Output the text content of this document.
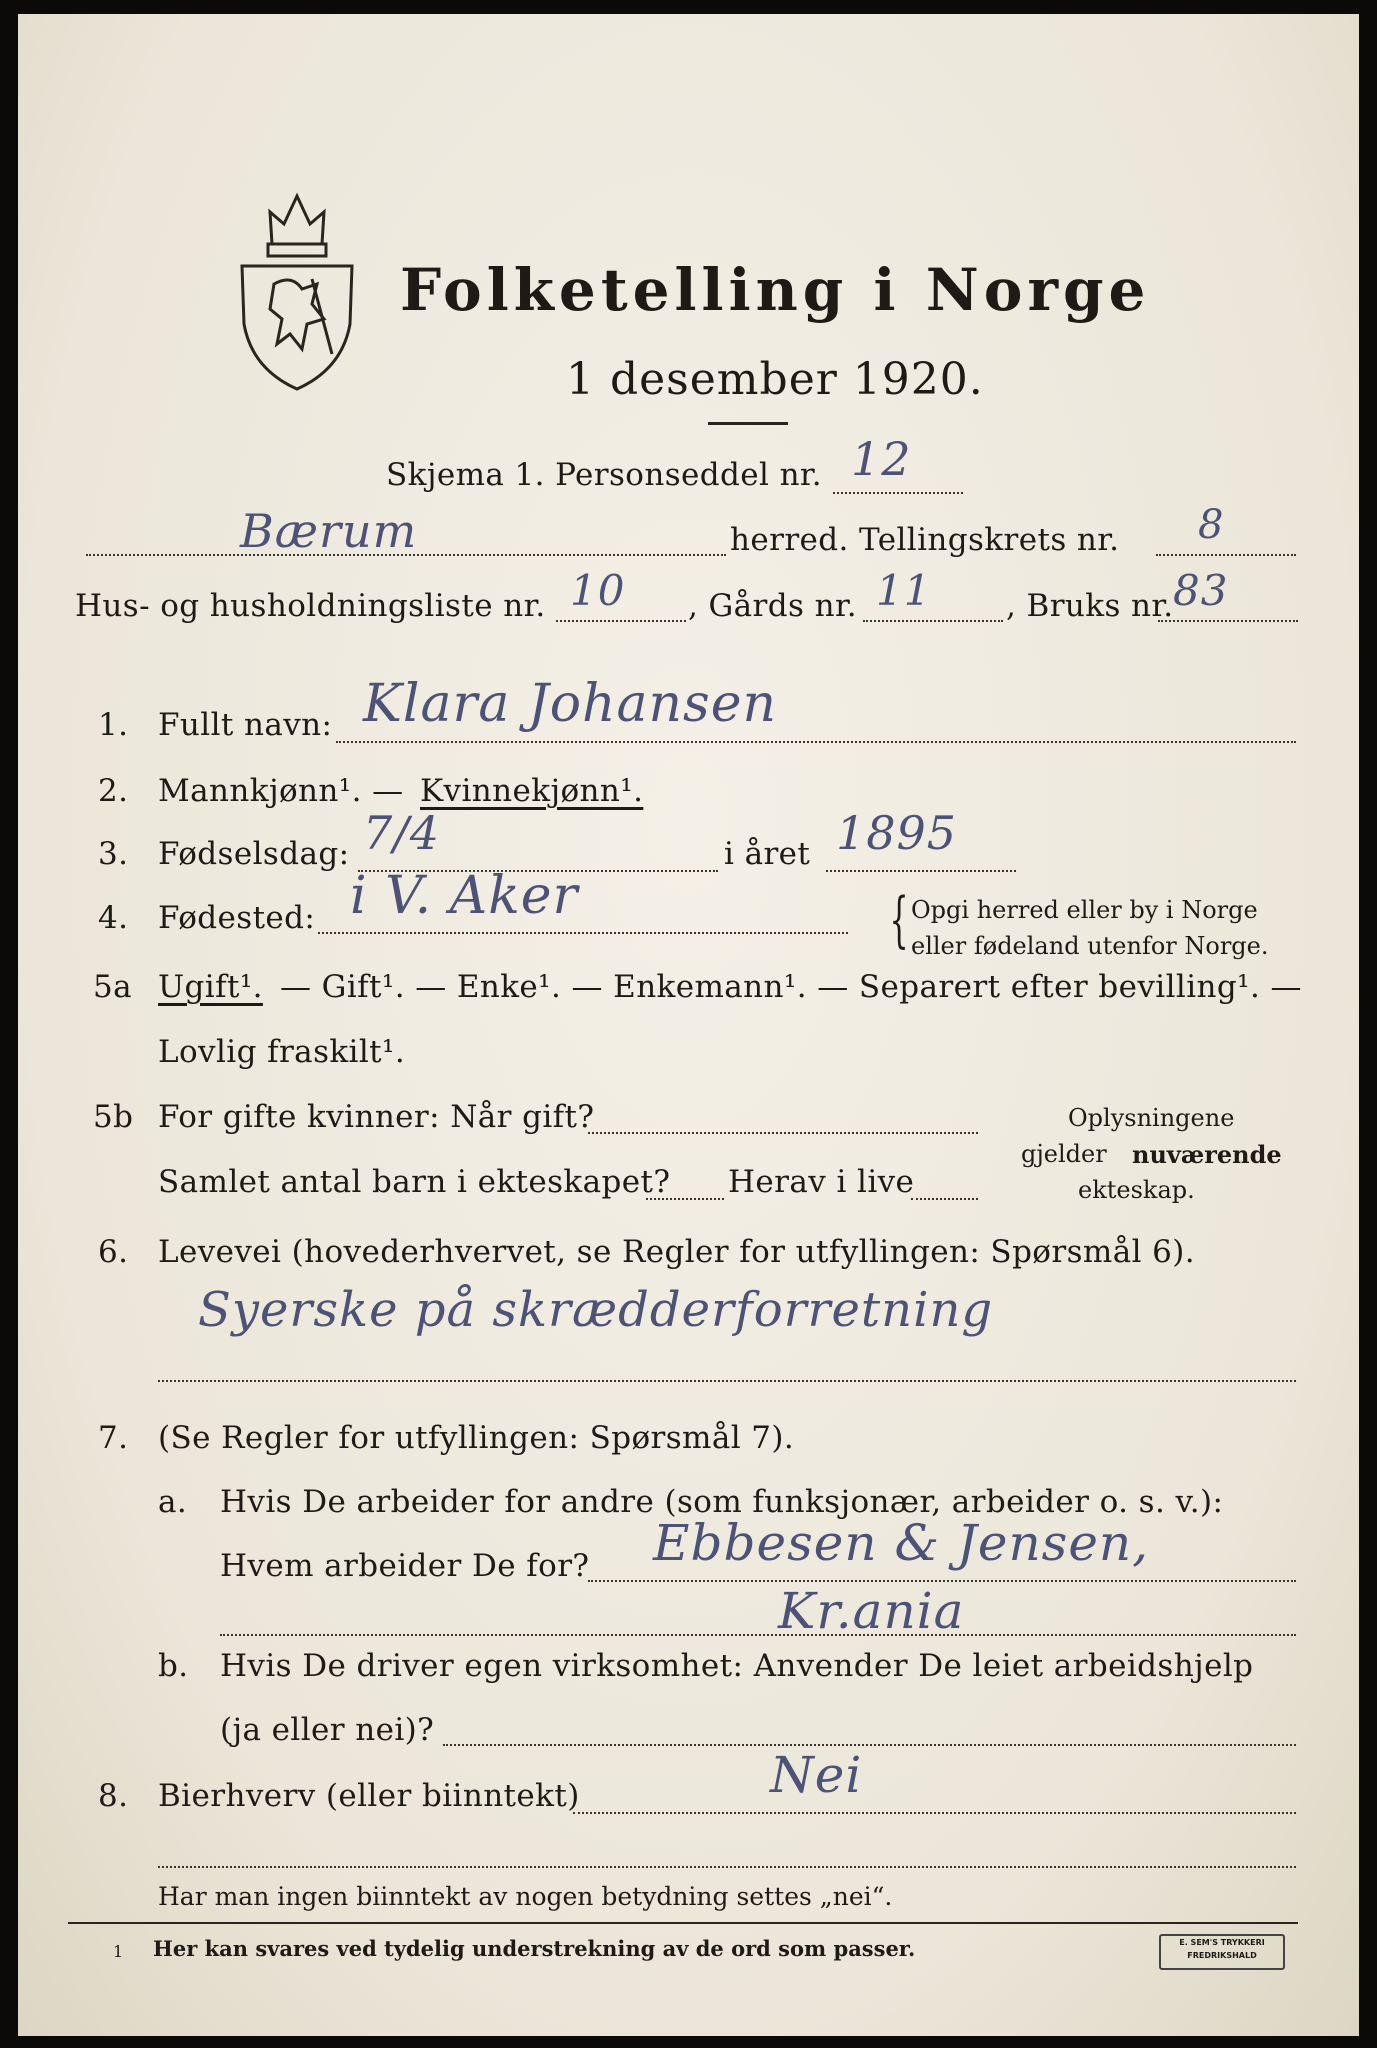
Folketelling i Norge
1 desember 1920.
Skjema 1. Personseddel nr. 12
Bærum	herred. Tellingskrets nr. 8
Hus- og husholdningsliste nr. 10 , Gårds nr. 11 , Bruks nr. 83
1. Fullt navn: Klara Johansen
2. Mannkjønn¹. — Kvinnekjønn¹.
3. Fødselsdag: 7/4	i året 1895
4. Fødested: i V. Aker	{ Opgi herred eller by i Norge
eller fødeland utenfor Norge.
5a Ugift¹. — Gift¹. — Enke¹. — Enkemann¹. — Separert efter bevilling¹. —
Lovlig fraskilt¹.
5b For gifte kvinner: Når gift?
Samlet antal barn i ekteskapet? Herav i live
Oplysningene
gjelder nuværende
ekteskap.
6. Levevei (hovederhvervet, se Regler for utfyllingen: Spørsmål 6).
Syerske på skrædderforretning
7. (Se Regler for utfyllingen: Spørsmål 7).
a. Hvis De arbeider for andre (som funksjonær, arbeider o. s. v.):
Hvem arbeider De for? Ebbesen & Jensen,
Kr.ania
b. Hvis De driver egen virksomhet: Anvender De leiet arbeidshjelp
(ja eller nei)?
8. Bierhverv (eller biinntekt)	Nei
Har man ingen biinntekt av nogen betydning settes „nei“.
1 Her kan svares ved tydelig understrekning av de ord som passer.	E. SEM'S TRYKKERI
FREDRIKSHALD
